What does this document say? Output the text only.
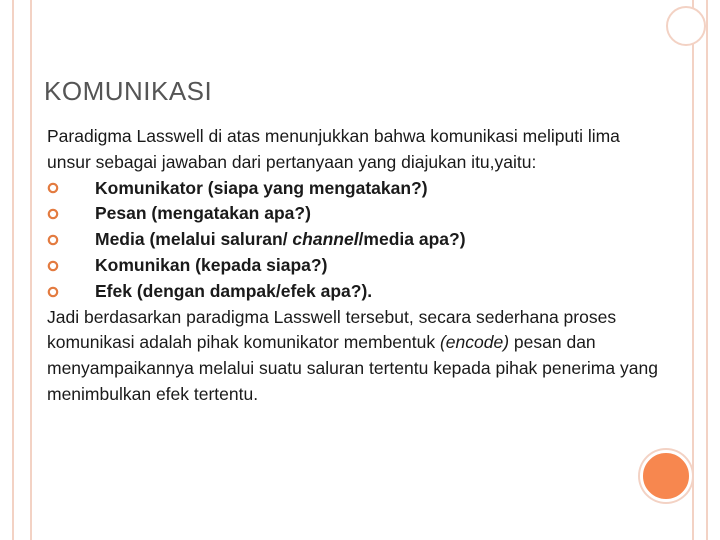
KOMUNIKASI

Paradigma Lasswell di atas menunjukkan bahwa komunikasi meliputi lima unsur sebagai jawaban dari pertanyaan yang diajukan itu,yaitu:

Komunikator (siapa yang mengatakan?)
Pesan (mengatakan apa?)
Media (melalui saluran/ channel/media apa?)
Komunikan (kepada siapa?)
Efek (dengan dampak/efek apa?).

Jadi berdasarkan paradigma Lasswell tersebut, secara sederhana proses komunikasi adalah pihak komunikator membentuk (encode) pesan dan menyampaikannya melalui suatu saluran tertentu kepada pihak penerima yang menimbulkan efek tertentu.
